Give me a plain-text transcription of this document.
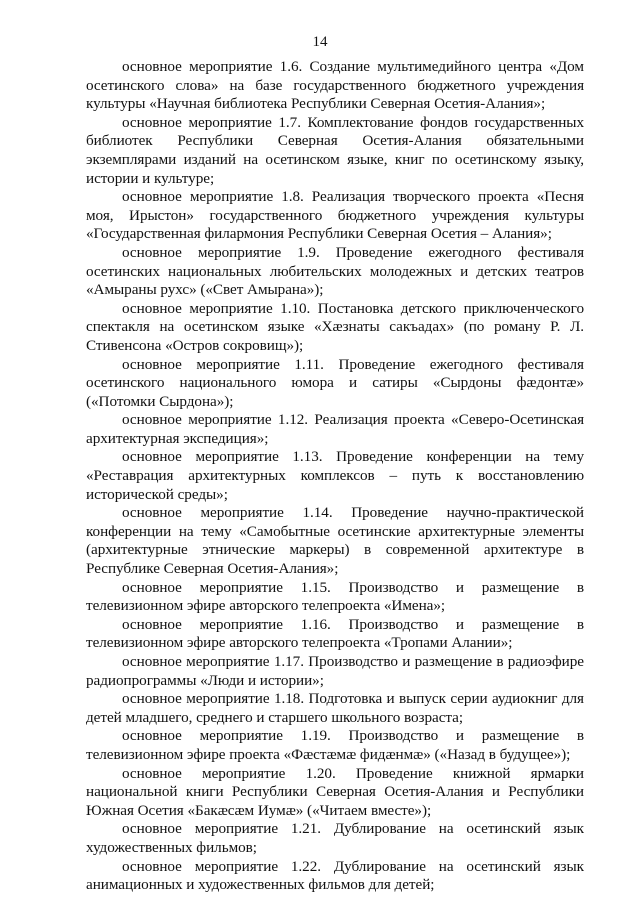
14

основное мероприятие 1.6. Создание мультимедийного центра «Дом осетинского слова» на базе государственного бюджетного учреждения культуры «Научная библиотека Республики Северная Осетия-Алания»;

основное мероприятие 1.7. Комплектование фондов государственных библиотек Республики Северная Осетия-Алания обязательными экземплярами изданий на осетинском языке, книг по осетинскому языку, истории и культуре;

основное мероприятие 1.8. Реализация творческого проекта «Песня моя, Ирыстон» государственного бюджетного учреждения культуры «Государственная филармония Республики Северная Осетия – Алания»;

основное мероприятие 1.9. Проведение ежегодного фестиваля осетинских национальных любительских молодежных и детских театров «Амыраны рухс» («Свет Амырана»);

основное мероприятие 1.10. Постановка детского приключенческого спектакля на осетинском языке «Хæзнаты сакъадах» (по роману Р. Л. Стивенсона «Остров сокровищ»);

основное мероприятие 1.11. Проведение ежегодного фестиваля осетинского национального юмора и сатиры «Сырдоны фæдонтæ» («Потомки Сырдона»);

основное мероприятие 1.12. Реализация проекта «Северо-Осетинская архитектурная экспедиция»;

основное мероприятие 1.13. Проведение конференции на тему «Реставрация архитектурных комплексов – путь к восстановлению исторической среды»;

основное мероприятие 1.14. Проведение научно-практической конференции на тему «Самобытные осетинские архитектурные элементы (архитектурные этнические маркеры) в современной архитектуре в Республике Северная Осетия-Алания»;

основное мероприятие 1.15. Производство и размещение в телевизионном эфире авторского телепроекта «Имена»;

основное мероприятие 1.16. Производство и размещение в телевизионном эфире авторского телепроекта «Тропами Алании»;

основное мероприятие 1.17. Производство и размещение в радиоэфире радиопрограммы «Люди и истории»;

основное мероприятие 1.18. Подготовка и выпуск серии аудиокниг для детей младшего, среднего и старшего школьного возраста;

основное мероприятие 1.19. Производство и размещение в телевизионном эфире проекта «Фæстæмæ фидæнмæ» («Назад в будущее»);

основное мероприятие 1.20. Проведение книжной ярмарки национальной книги Республики Северная Осетия-Алания и Республики Южная Осетия «Бакæсæм Иумæ» («Читаем вместе»);

основное мероприятие 1.21. Дублирование на осетинский язык художественных фильмов;

основное мероприятие 1.22. Дублирование на осетинский язык анимационных и художественных фильмов для детей;
